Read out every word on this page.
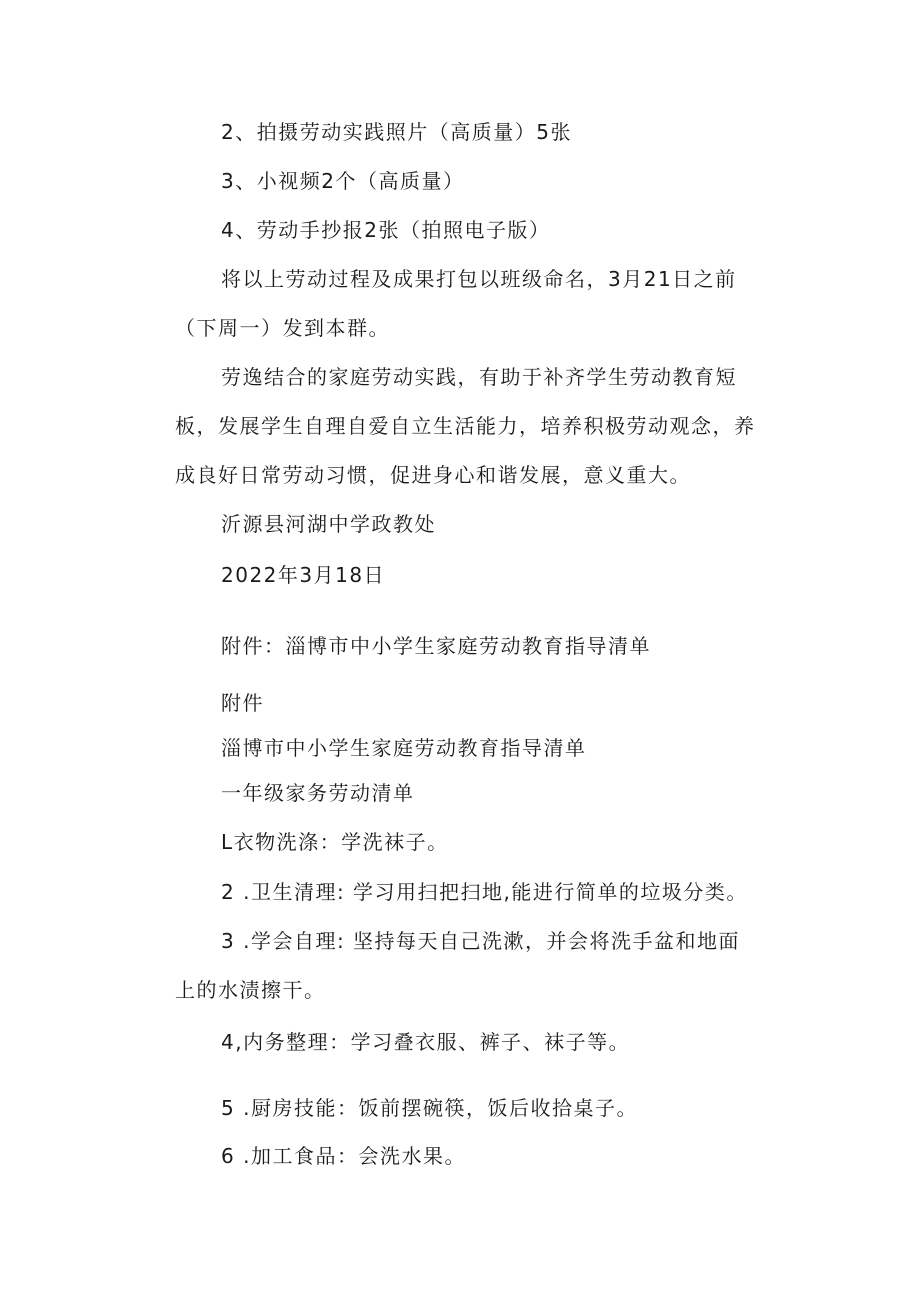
2、拍摄劳动实践照片（高质量）5张
3、小视频2个（高质量）
4、劳动手抄报2张（拍照电子版）
将以上劳动过程及成果打包以班级命名，3月21日之前
（下周一）发到本群。
劳逸结合的家庭劳动实践，有助于补齐学生劳动教育短
板，发展学生自理自爱自立生活能力，培养积极劳动观念，养
成良好日常劳动习惯，促进身心和谐发展，意义重大。
沂源县河湖中学政教处
2022年3月18日
附件：淄博市中小学生家庭劳动教育指导清单
附件
淄博市中小学生家庭劳动教育指导清单
一年级家务劳动清单
L衣物洗涤：学洗袜子。
2 .卫生清理: 学习用扫把扫地,能进行简单的垃圾分类。
3 .学会自理: 坚持每天自己洗漱，并会将洗手盆和地面
上的水渍擦干。
4,内务整理：学习叠衣服、裤子、袜子等。
5 .厨房技能：饭前摆碗筷，饭后收拾桌子。
6 .加工食品：会洗水果。
